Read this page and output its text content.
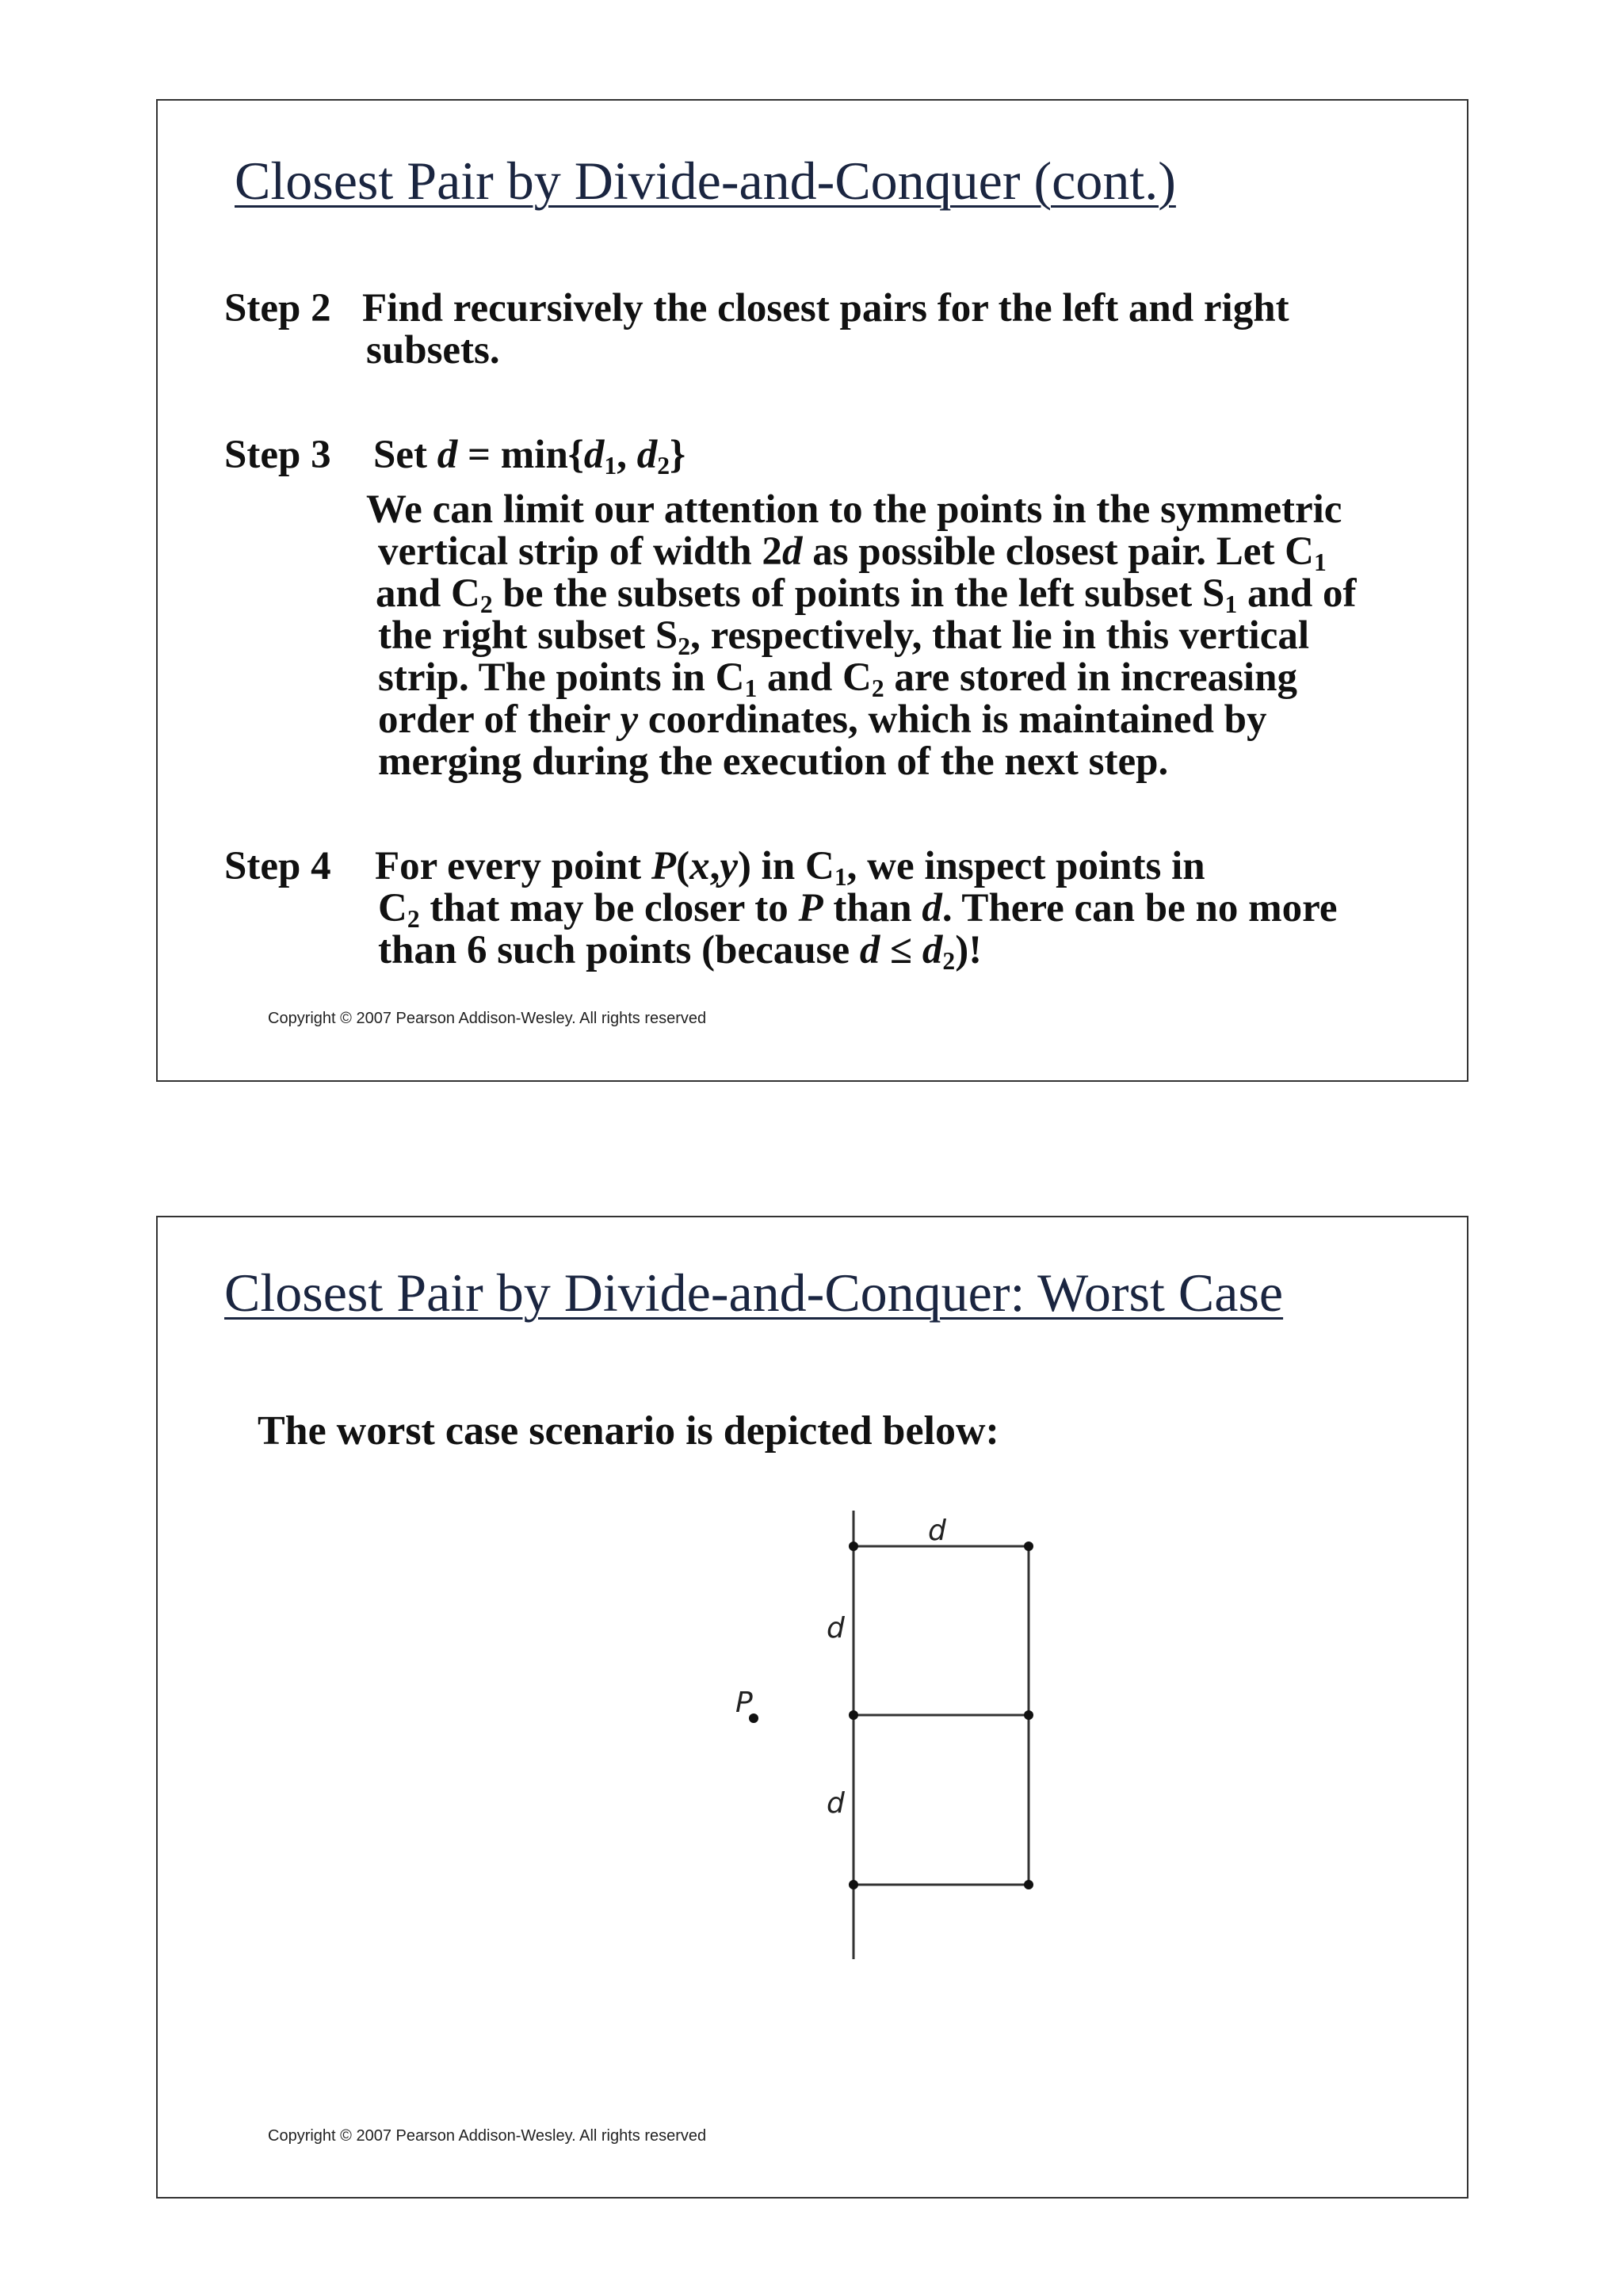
Closest Pair by Divide-and-Conquer (cont.)
Step 2 Find recursively the closest pairs for the left and right
subsets.
Step 3 Set $d = \min\{d_1$, $d_2$}
We can limit our attention to the points in the symmetric
vertical strip of width 2d as possible closest pair. Let $C_1$
and $C_2$ be the subsets of points in the left subset $S_1$ and of
the right subset $S_2$, respectively, that lie in this vertical
strip. The points in $C_1$ and $C_2$ are stored in increasing
order of their y coordinates, which is maintained by
merging during the execution of the next step.
Step 4 For every point P(x,y) in $C_1$, we inspect points in
$C_2$ that may be closer to P than d. There can be no more
than 6 such points (because $d \le d_2$)!
Copyright © 2007 Pearson Addison-Wesley. All rights reserved
Closest Pair by Divide-and-Conquer: Worst Case
The worst case scenario is depicted below:
d
d
d
P
Copyright © 2007 Pearson Addison-Wesley. All rights reserved
